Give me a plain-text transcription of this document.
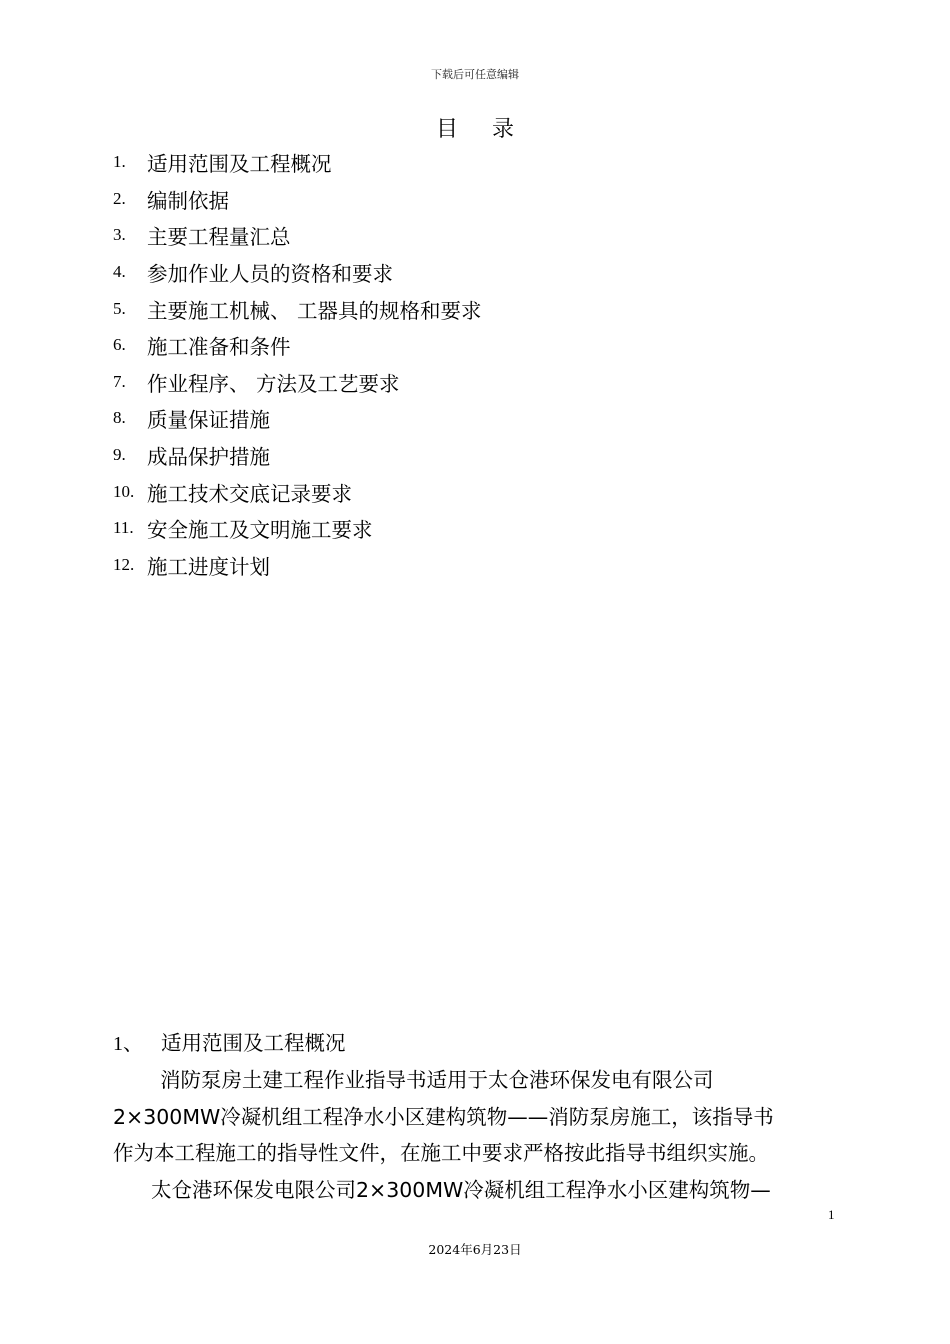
下载后可任意编辑
目录
1.	适用范围及工程概况
2.	编制依据
3.	主要工程量汇总
4.	参加作业人员的资格和要求
5.	主要施工机械、 工器具的规格和要求
6.	施工准备和条件
7.	作业程序、 方法及工艺要求
8.	质量保证措施
9.	成品保护措施
10. 施工技术交底记录要求
11. 安全施工及文明施工要求
12. 施工进度计划
1、 适用范围及工程概况
消防泵房土建工程作业指导书适用于太仓港环保发电有限公司
2×300MW冷凝机组工程净水小区建构筑物——消防泵房施工，该指导书
作为本工程施工的指导性文件，在施工中要求严格按此指导书组织实施。
太仓港环保发电限公司2×300MW冷凝机组工程净水小区建构筑物—
1
2024年6月23日
